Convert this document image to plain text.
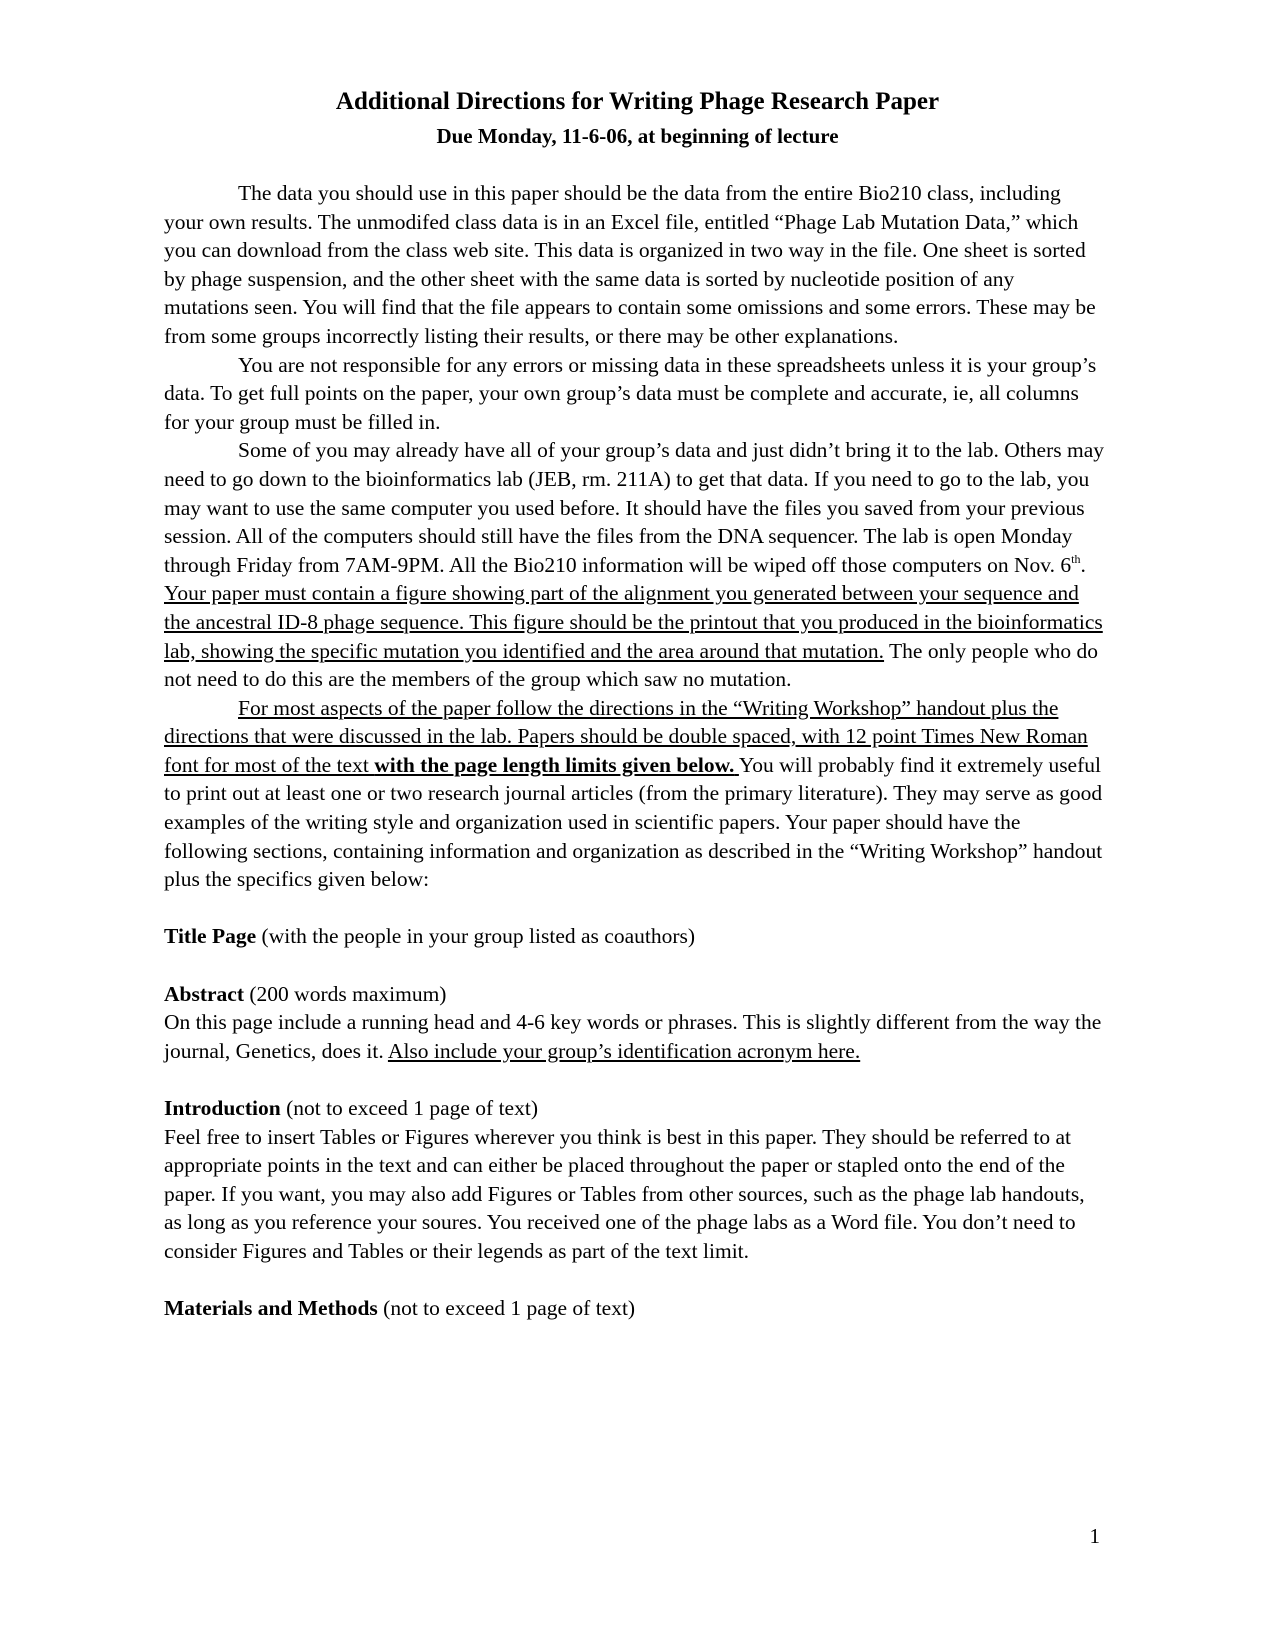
Additional Directions for Writing Phage Research Paper
Due Monday, 11-6-06, at beginning of lecture

The data you should use in this paper should be the data from the entire Bio210 class, including your own results. The unmodifed class data is in an Excel file, entitled “Phage Lab Mutation Data,” which you can download from the class web site. This data is organized in two way in the file. One sheet is sorted by phage suspension, and the other sheet with the same data is sorted by nucleotide position of any mutations seen. You will find that the file appears to contain some omissions and some errors. These may be from some groups incorrectly listing their results, or there may be other explanations.

You are not responsible for any errors or missing data in these spreadsheets unless it is your group’s data. To get full points on the paper, your own group’s data must be complete and accurate, ie, all columns for your group must be filled in.

Some of you may already have all of your group’s data and just didn’t bring it to the lab. Others may need to go down to the bioinformatics lab (JEB, rm. 211A) to get that data. If you need to go to the lab, you may want to use the same computer you used before. It should have the files you saved from your previous session. All of the computers should still have the files from the DNA sequencer. The lab is open Monday through Friday from 7AM-9PM. All the Bio210 information will be wiped off those computers on Nov. 6th. Your paper must contain a figure showing part of the alignment you generated between your sequence and the ancestral ID-8 phage sequence. This figure should be the printout that you produced in the bioinformatics lab, showing the specific mutation you identified and the area around that mutation. The only people who do not need to do this are the members of the group which saw no mutation.

For most aspects of the paper follow the directions in the “Writing Workshop” handout plus the directions that were discussed in the lab. Papers should be double spaced, with 12 point Times New Roman font for most of the text with the page length limits given below. You will probably find it extremely useful to print out at least one or two research journal articles (from the primary literature). They may serve as good examples of the writing style and organization used in scientific papers. Your paper should have the following sections, containing information and organization as described in the “Writing Workshop” handout plus the specifics given below:

Title Page (with the people in your group listed as coauthors)

Abstract (200 words maximum)

On this page include a running head and 4-6 key words or phrases. This is slightly different from the way the journal, Genetics, does it. Also include your group’s identification acronym here.

Introduction (not to exceed 1 page of text)

Feel free to insert Tables or Figures wherever you think is best in this paper. They should be referred to at appropriate points in the text and can either be placed throughout the paper or stapled onto the end of the paper. If you want, you may also add Figures or Tables from other sources, such as the phage lab handouts, as long as you reference your soures. You received one of the phage labs as a Word file. You don’t need to consider Figures and Tables or their legends as part of the text limit.

Materials and Methods (not to exceed 1 page of text)

1
